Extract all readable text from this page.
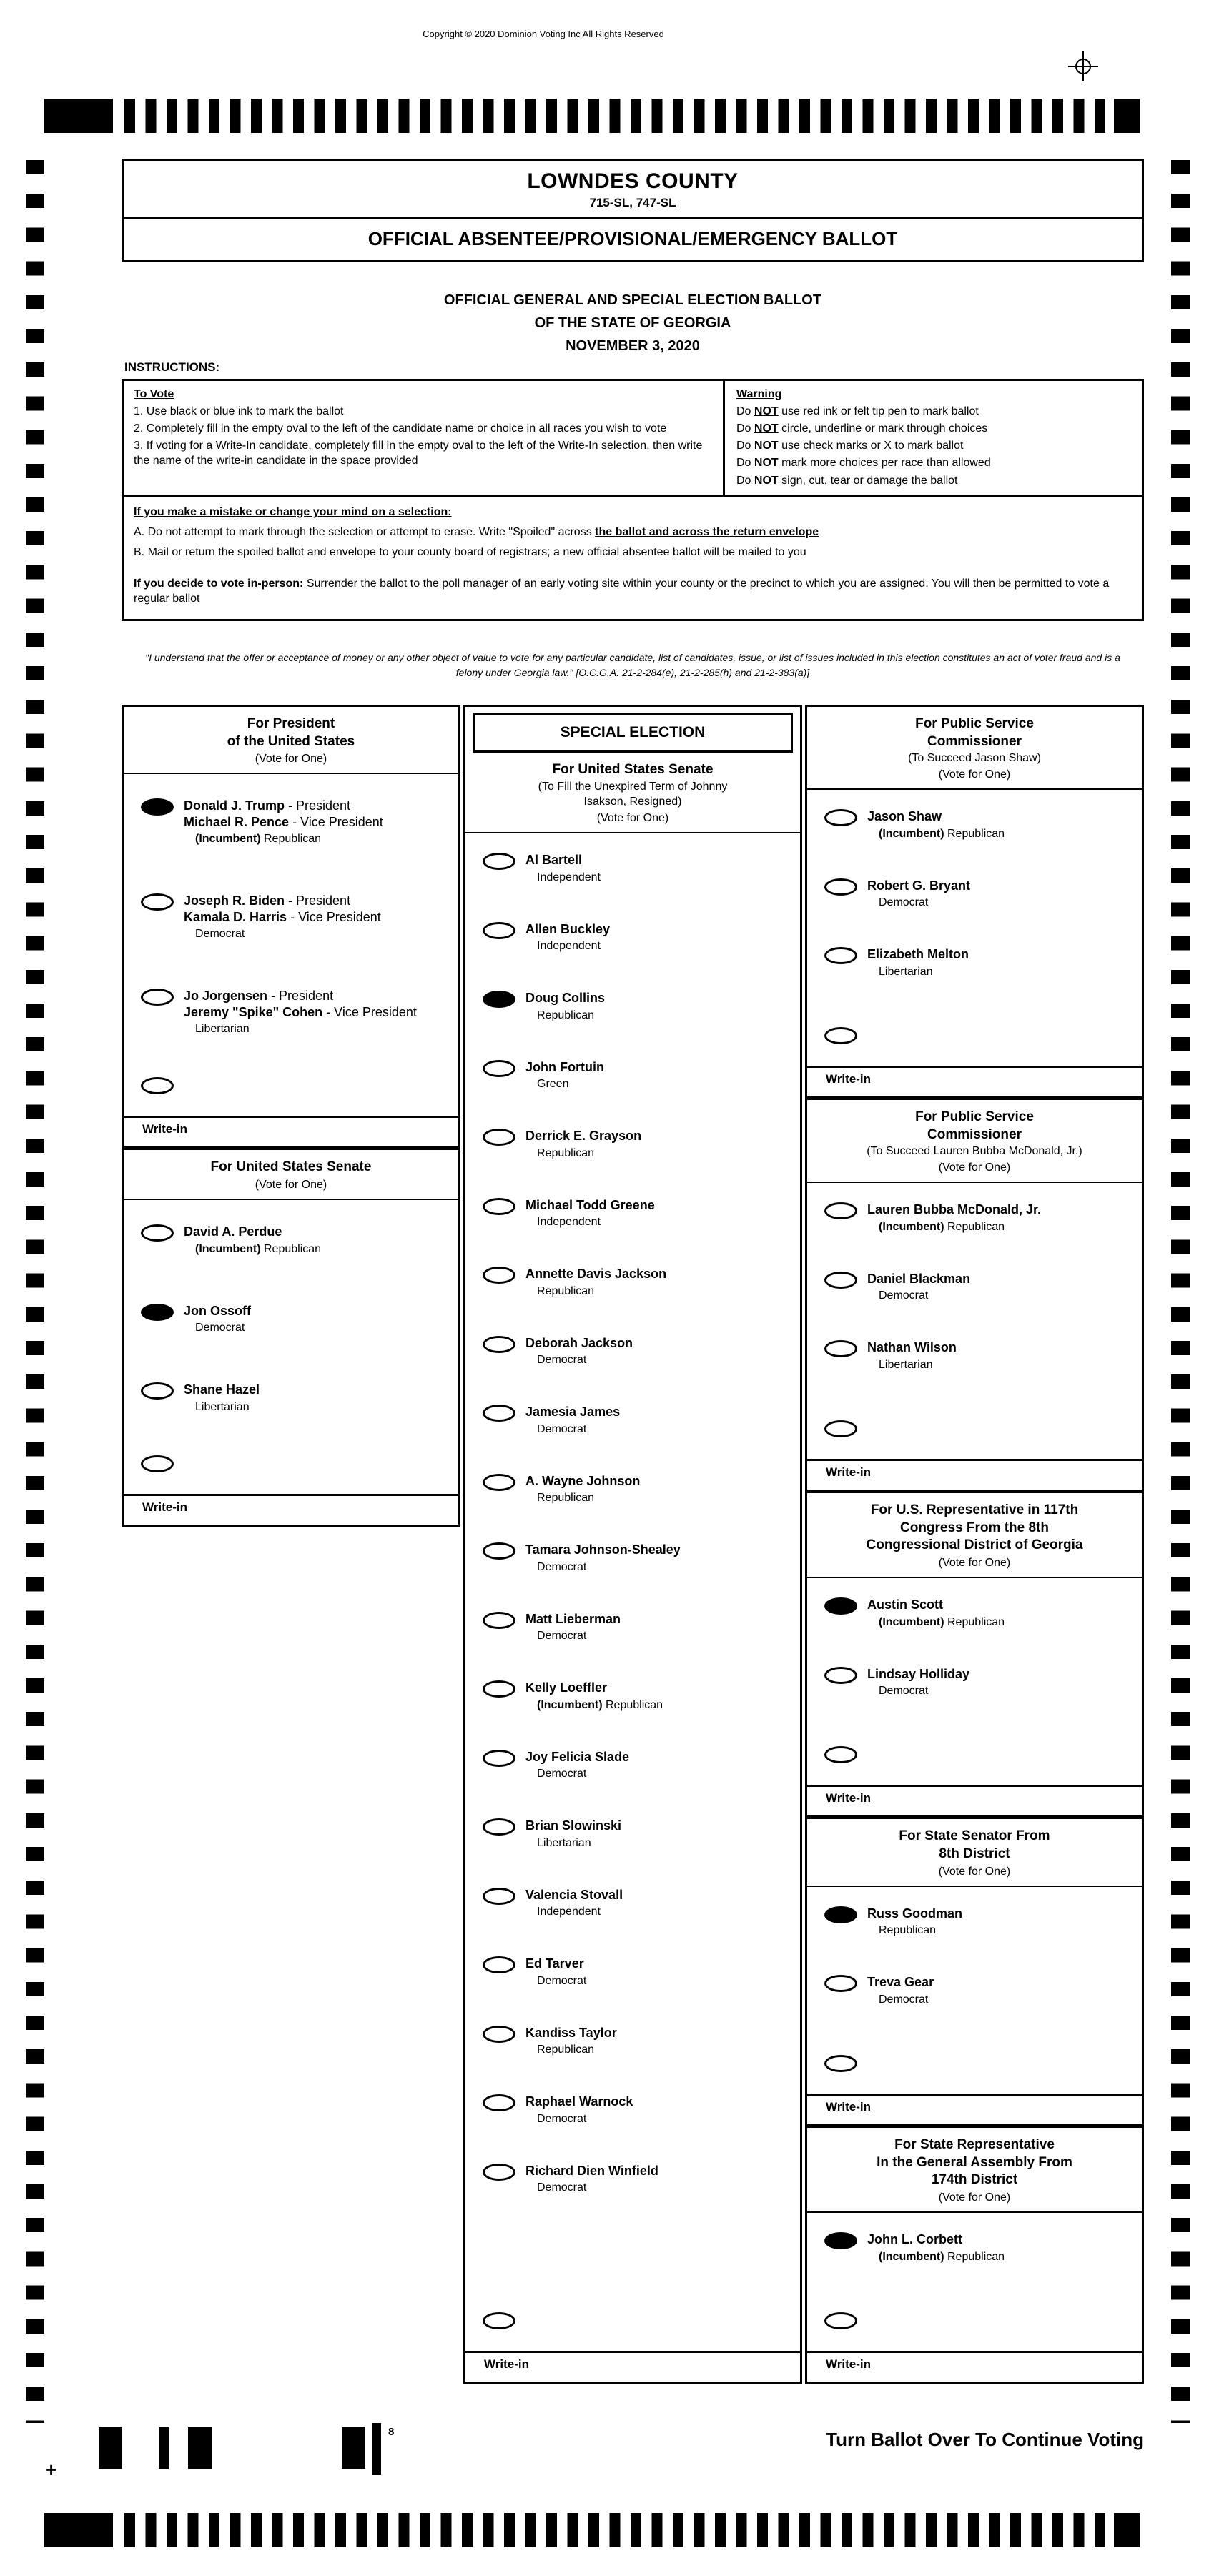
Copyright © 2020 Dominion Voting Inc All Rights Reserved
LOWNDES COUNTY
715-SL, 747-SL
OFFICIAL ABSENTEE/PROVISIONAL/EMERGENCY BALLOT
OFFICIAL GENERAL AND SPECIAL ELECTION BALLOT
OF THE STATE OF GEORGIA
NOVEMBER 3, 2020
INSTRUCTIONS:
To Vote
1. Use black or blue ink to mark the ballot
2. Completely fill in the empty oval to the left of the candidate name or choice in all races you wish to vote
3. If voting for a Write-In candidate, completely fill in the empty oval to the left of the Write-In selection, then write the name of the write-in candidate in the space provided
Warning
Do NOT use red ink or felt tip pen to mark ballot
Do NOT circle, underline or mark through choices
Do NOT use check marks or X to mark ballot
Do NOT mark more choices per race than allowed
Do NOT sign, cut, tear or damage the ballot
If you make a mistake or change your mind on a selection:
A. Do not attempt to mark through the selection or attempt to erase. Write "Spoiled" across the ballot and across the return envelope
B. Mail or return the spoiled ballot and envelope to your county board of registrars; a new official absentee ballot will be mailed to you
If you decide to vote in-person: Surrender the ballot to the poll manager of an early voting site within your county or the precinct to which you are assigned. You will then be permitted to vote a regular ballot
"I understand that the offer or acceptance of money or any other object of value to vote for any particular candidate, list of candidates, issue, or list of issues included in this election constitutes an act of voter fraud and is a felony under Georgia law." [O.C.G.A. 21-2-284(e), 21-2-285(h) and 21-2-383(a)]
For President
of the United States
(Vote for One)
Donald J. Trump - President
Michael R. Pence - Vice President
(Incumbent) Republican
Joseph R. Biden - President
Kamala D. Harris - Vice President
Democrat
Jo Jorgensen - President
Jeremy "Spike" Cohen - Vice President
Libertarian
Write-in
For United States Senate
(Vote for One)
David A. Perdue
(Incumbent) Republican
Jon Ossoff
Democrat
Shane Hazel
Libertarian
Write-in
SPECIAL ELECTION
For United States Senate
(To Fill the Unexpired Term of Johnny
Isakson, Resigned)
(Vote for One)
Al Bartell
Independent
Allen Buckley
Independent
Doug Collins
Republican
John Fortuin
Green
Derrick E. Grayson
Republican
Michael Todd Greene
Independent
Annette Davis Jackson
Republican
Deborah Jackson
Democrat
Jamesia James
Democrat
A. Wayne Johnson
Republican
Tamara Johnson-Shealey
Democrat
Matt Lieberman
Democrat
Kelly Loeffler
(Incumbent) Republican
Joy Felicia Slade
Democrat
Brian Slowinski
Libertarian
Valencia Stovall
Independent
Ed Tarver
Democrat
Kandiss Taylor
Republican
Raphael Warnock
Democrat
Richard Dien Winfield
Democrat
Write-in
For Public Service
Commissioner
(To Succeed Jason Shaw)
(Vote for One)
Jason Shaw
(Incumbent) Republican
Robert G. Bryant
Democrat
Elizabeth Melton
Libertarian
Write-in
For Public Service
Commissioner
(To Succeed Lauren Bubba McDonald, Jr.)
(Vote for One)
Lauren Bubba McDonald, Jr.
(Incumbent) Republican
Daniel Blackman
Democrat
Nathan Wilson
Libertarian
Write-in
For U.S. Representative in 117th
Congress From the 8th
Congressional District of Georgia
(Vote for One)
Austin Scott
(Incumbent) Republican
Lindsay Holliday
Democrat
Write-in
For State Senator From
8th District
(Vote for One)
Russ Goodman
Republican
Treva Gear
Democrat
Write-in
For State Representative
In the General Assembly From
174th District
(Vote for One)
John L. Corbett
(Incumbent) Republican
Write-in
Turn Ballot Over To Continue Voting
8
+
